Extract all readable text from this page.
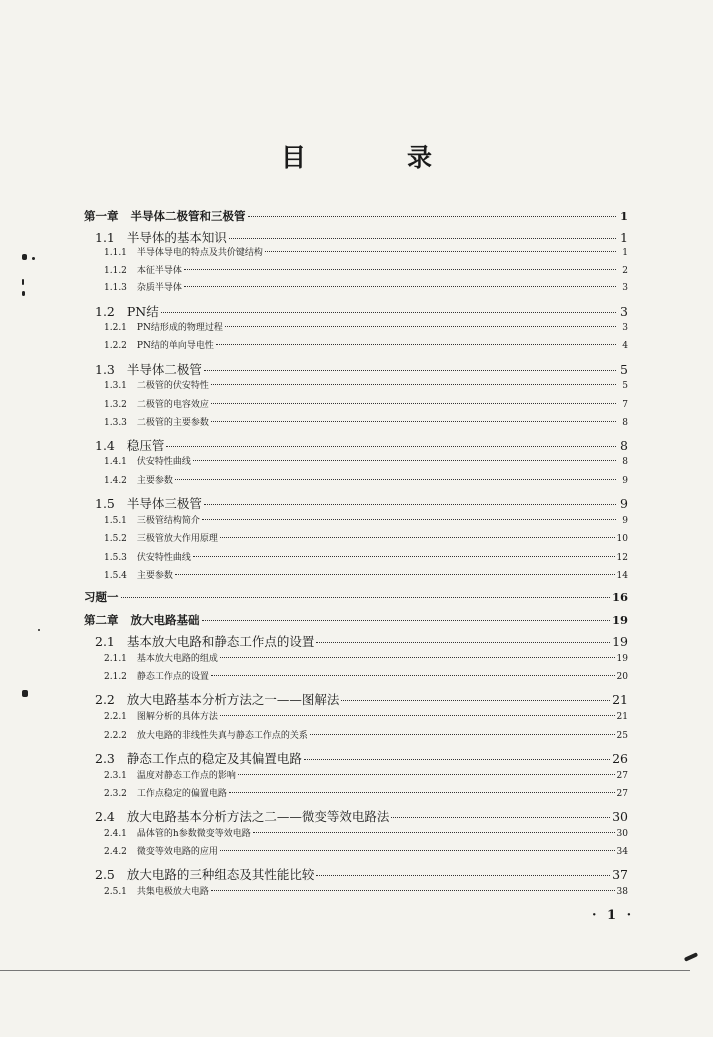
目　录
第一章 半导体二极管和三极管	1
1.1 半导体的基本知识	1
1.1.1 半导体导电的特点及共价键结构	1
1.1.2 本征半导体	2
1.1.3 杂质半导体	3
1.2 PN结	3
1.2.1 PN结形成的物理过程	3
1.2.2 PN结的单向导电性	4
1.3 半导体二极管	5
1.3.1 二极管的伏安特性	5
1.3.2 二极管的电容效应	7
1.3.3 二极管的主要参数	8
1.4 稳压管	8
1.4.1 伏安特性曲线	8
1.4.2 主要参数	9
1.5 半导体三极管	9
1.5.1 三极管结构简介	9
1.5.2 三极管放大作用原理	10
1.5.3 伏安特性曲线	12
1.5.4 主要参数	14
习题一	16
第二章 放大电路基础	19
2.1 基本放大电路和静态工作点的设置	19
2.1.1 基本放大电路的组成	19
2.1.2 静态工作点的设置	20
2.2 放大电路基本分析方法之一——图解法	21
2.2.1 图解分析的具体方法	21
2.2.2 放大电路的非线性失真与静态工作点的关系	25
2.3 静态工作点的稳定及其偏置电路	26
2.3.1 温度对静态工作点的影响	27
2.3.2 工作点稳定的偏置电路	27
2.4 放大电路基本分析方法之二——微变等效电路法	30
2.4.1 晶体管的h参数微变等效电路	30
2.4.2 微变等效电路的应用	34
2.5 放大电路的三种组态及其性能比较	37
2.5.1 共集电极放大电路	38
· 1 ·
